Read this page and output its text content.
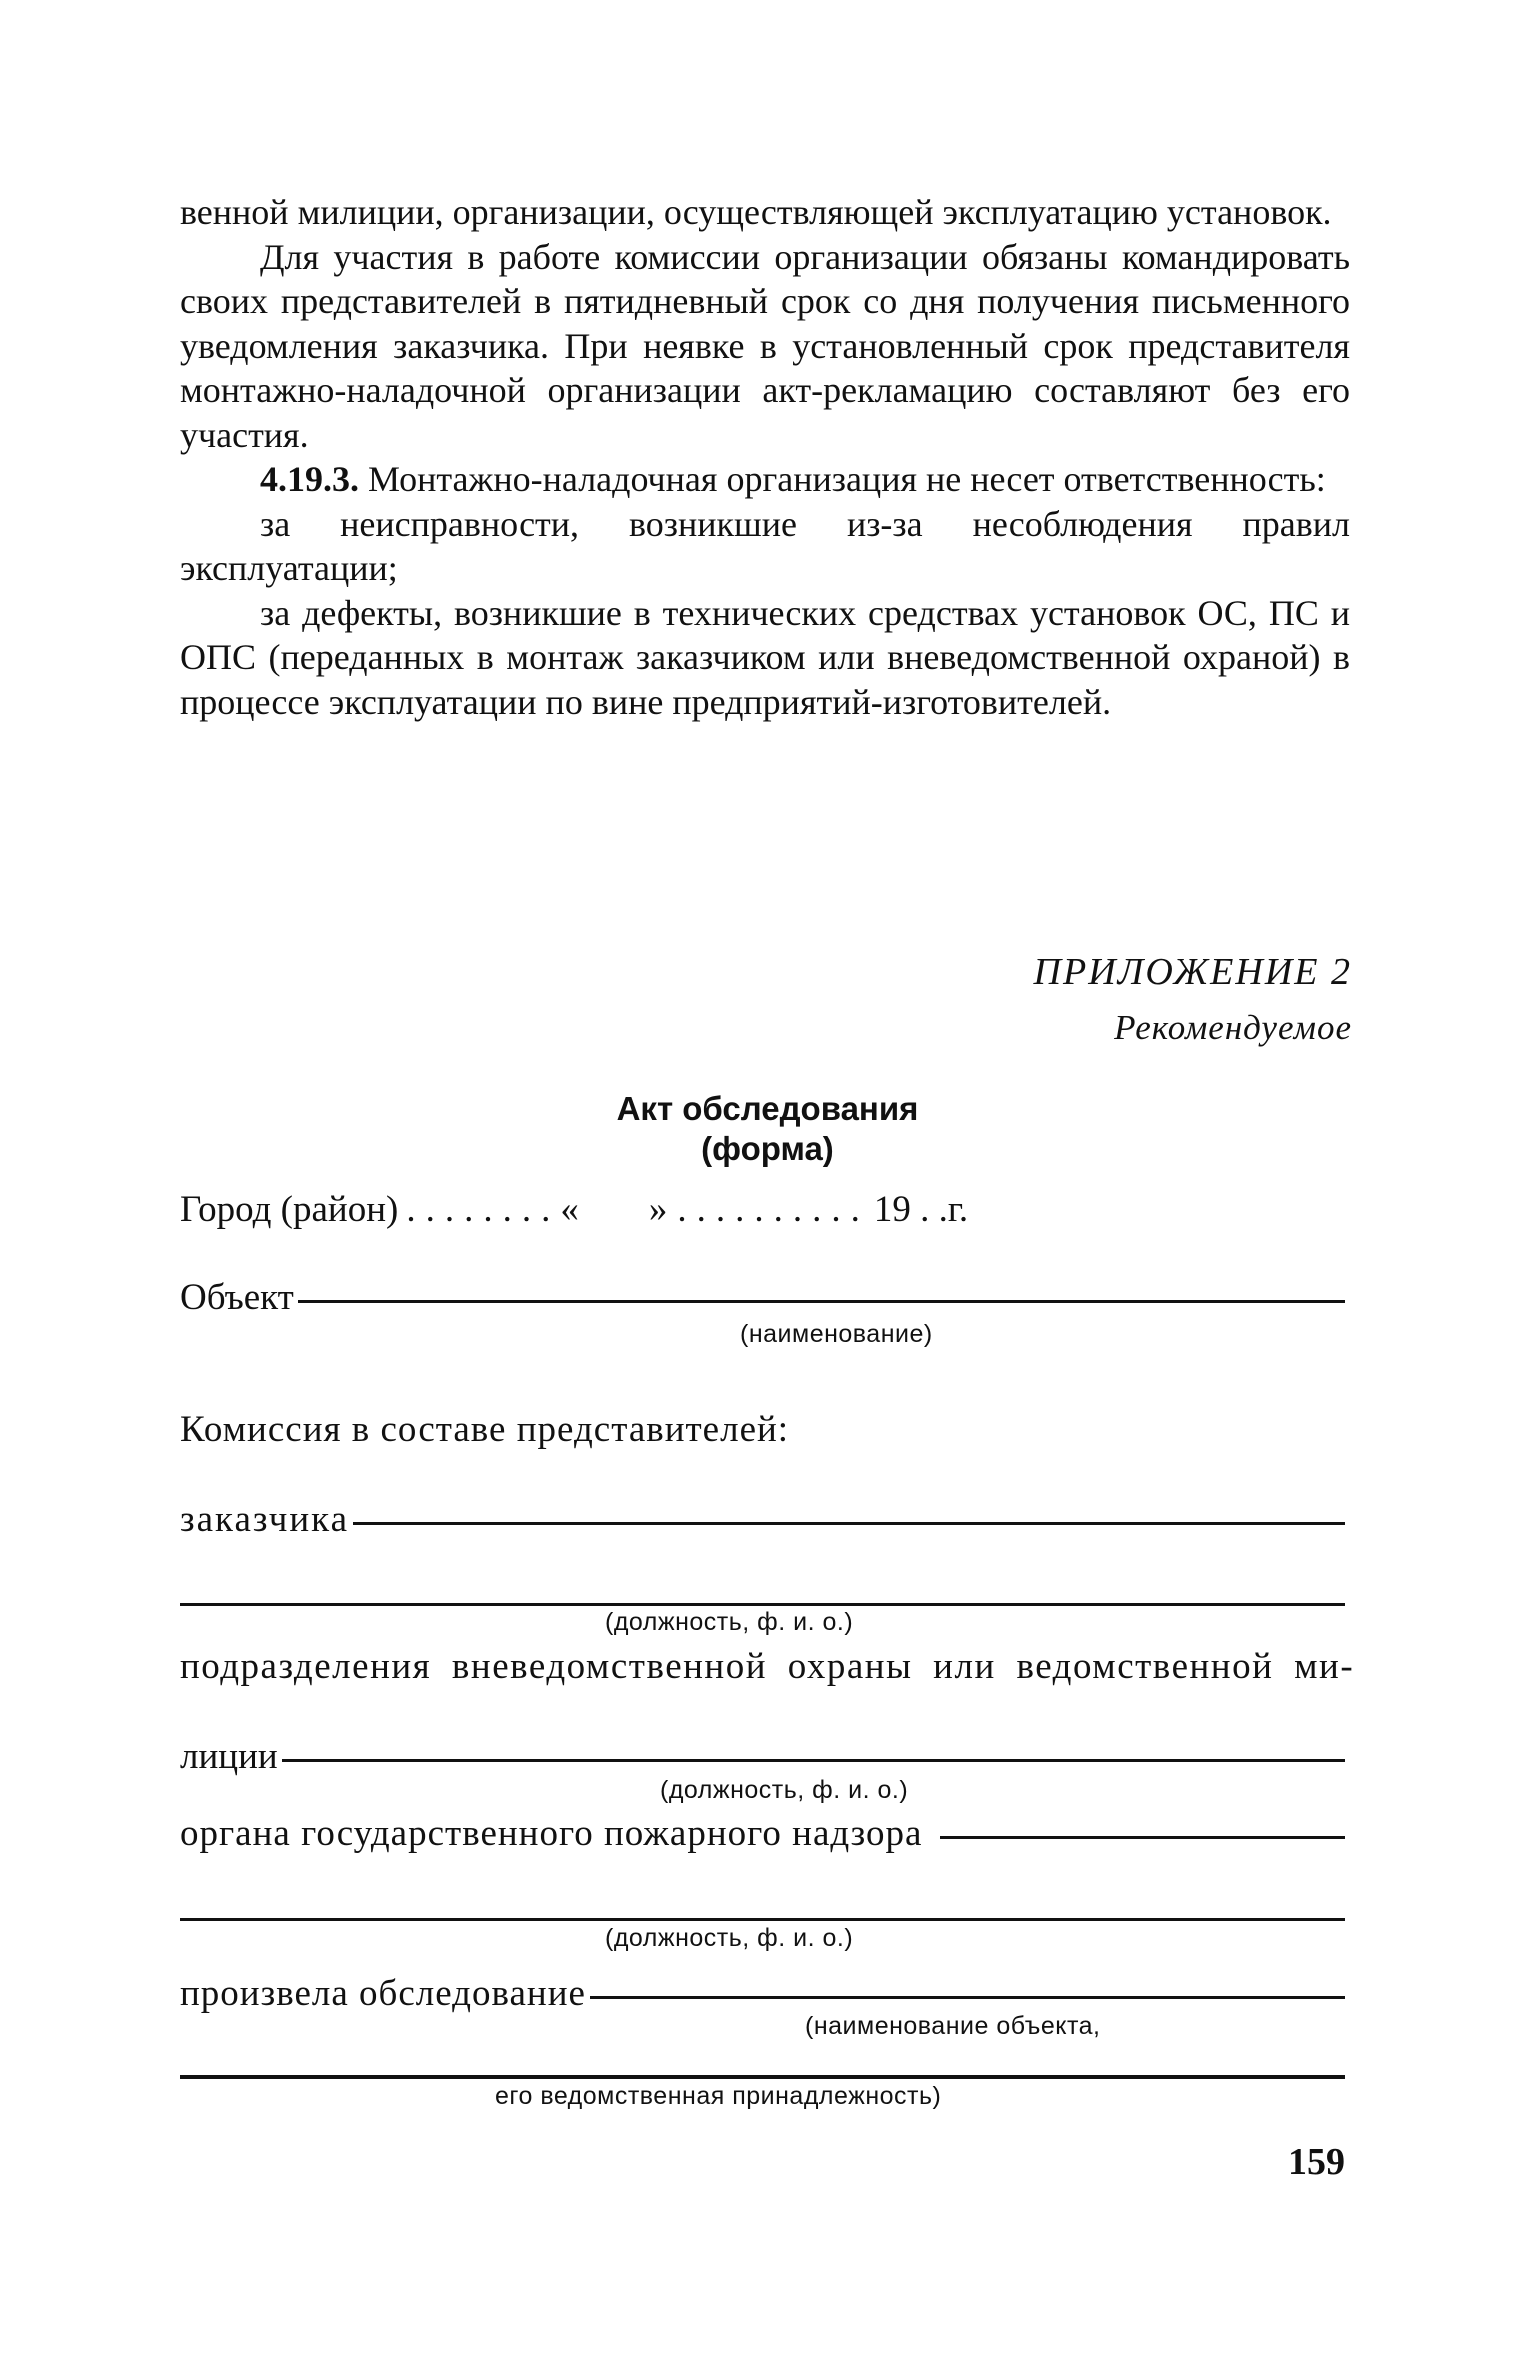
венной милиции, организации, осуществляющей эксплуатацию установок.

Для участия в работе комиссии организации обязаны командировать своих представителей в пятидневный срок со дня получения письменного уведомления заказчика. При неявке в установленный срок представителя монтажно-наладочной организации акт-рекламацию составляют без его участия.

4.19.3. Монтажно-наладочная организация не несет ответственность:

за неисправности, возникшие из-за несоблюдения правил эксплуатации;

за дефекты, возникшие в технических средствах установок ОС, ПС и ОПС (переданных в монтаж заказчиком или вневедомственной охраной) в процессе эксплуатации по вине предприятий-изготовителей.

ПРИЛОЖЕНИЕ 2
Рекомендуемое
Акт обследования
(форма)
Город (район) ........« ».......... 19 . .г.
Объект
(наименование)
Комиссия в составе представителей:
заказчика
(должность, ф. и. о.)
подразделения вневедомственной охраны или ведомственной ми-
лиции
(должность, ф. и. о.)
органа государственного пожарного надзора
(должность, ф. и. о.)
произвела обследование
(наименование объекта,
его ведомственная принадлежность)
159
